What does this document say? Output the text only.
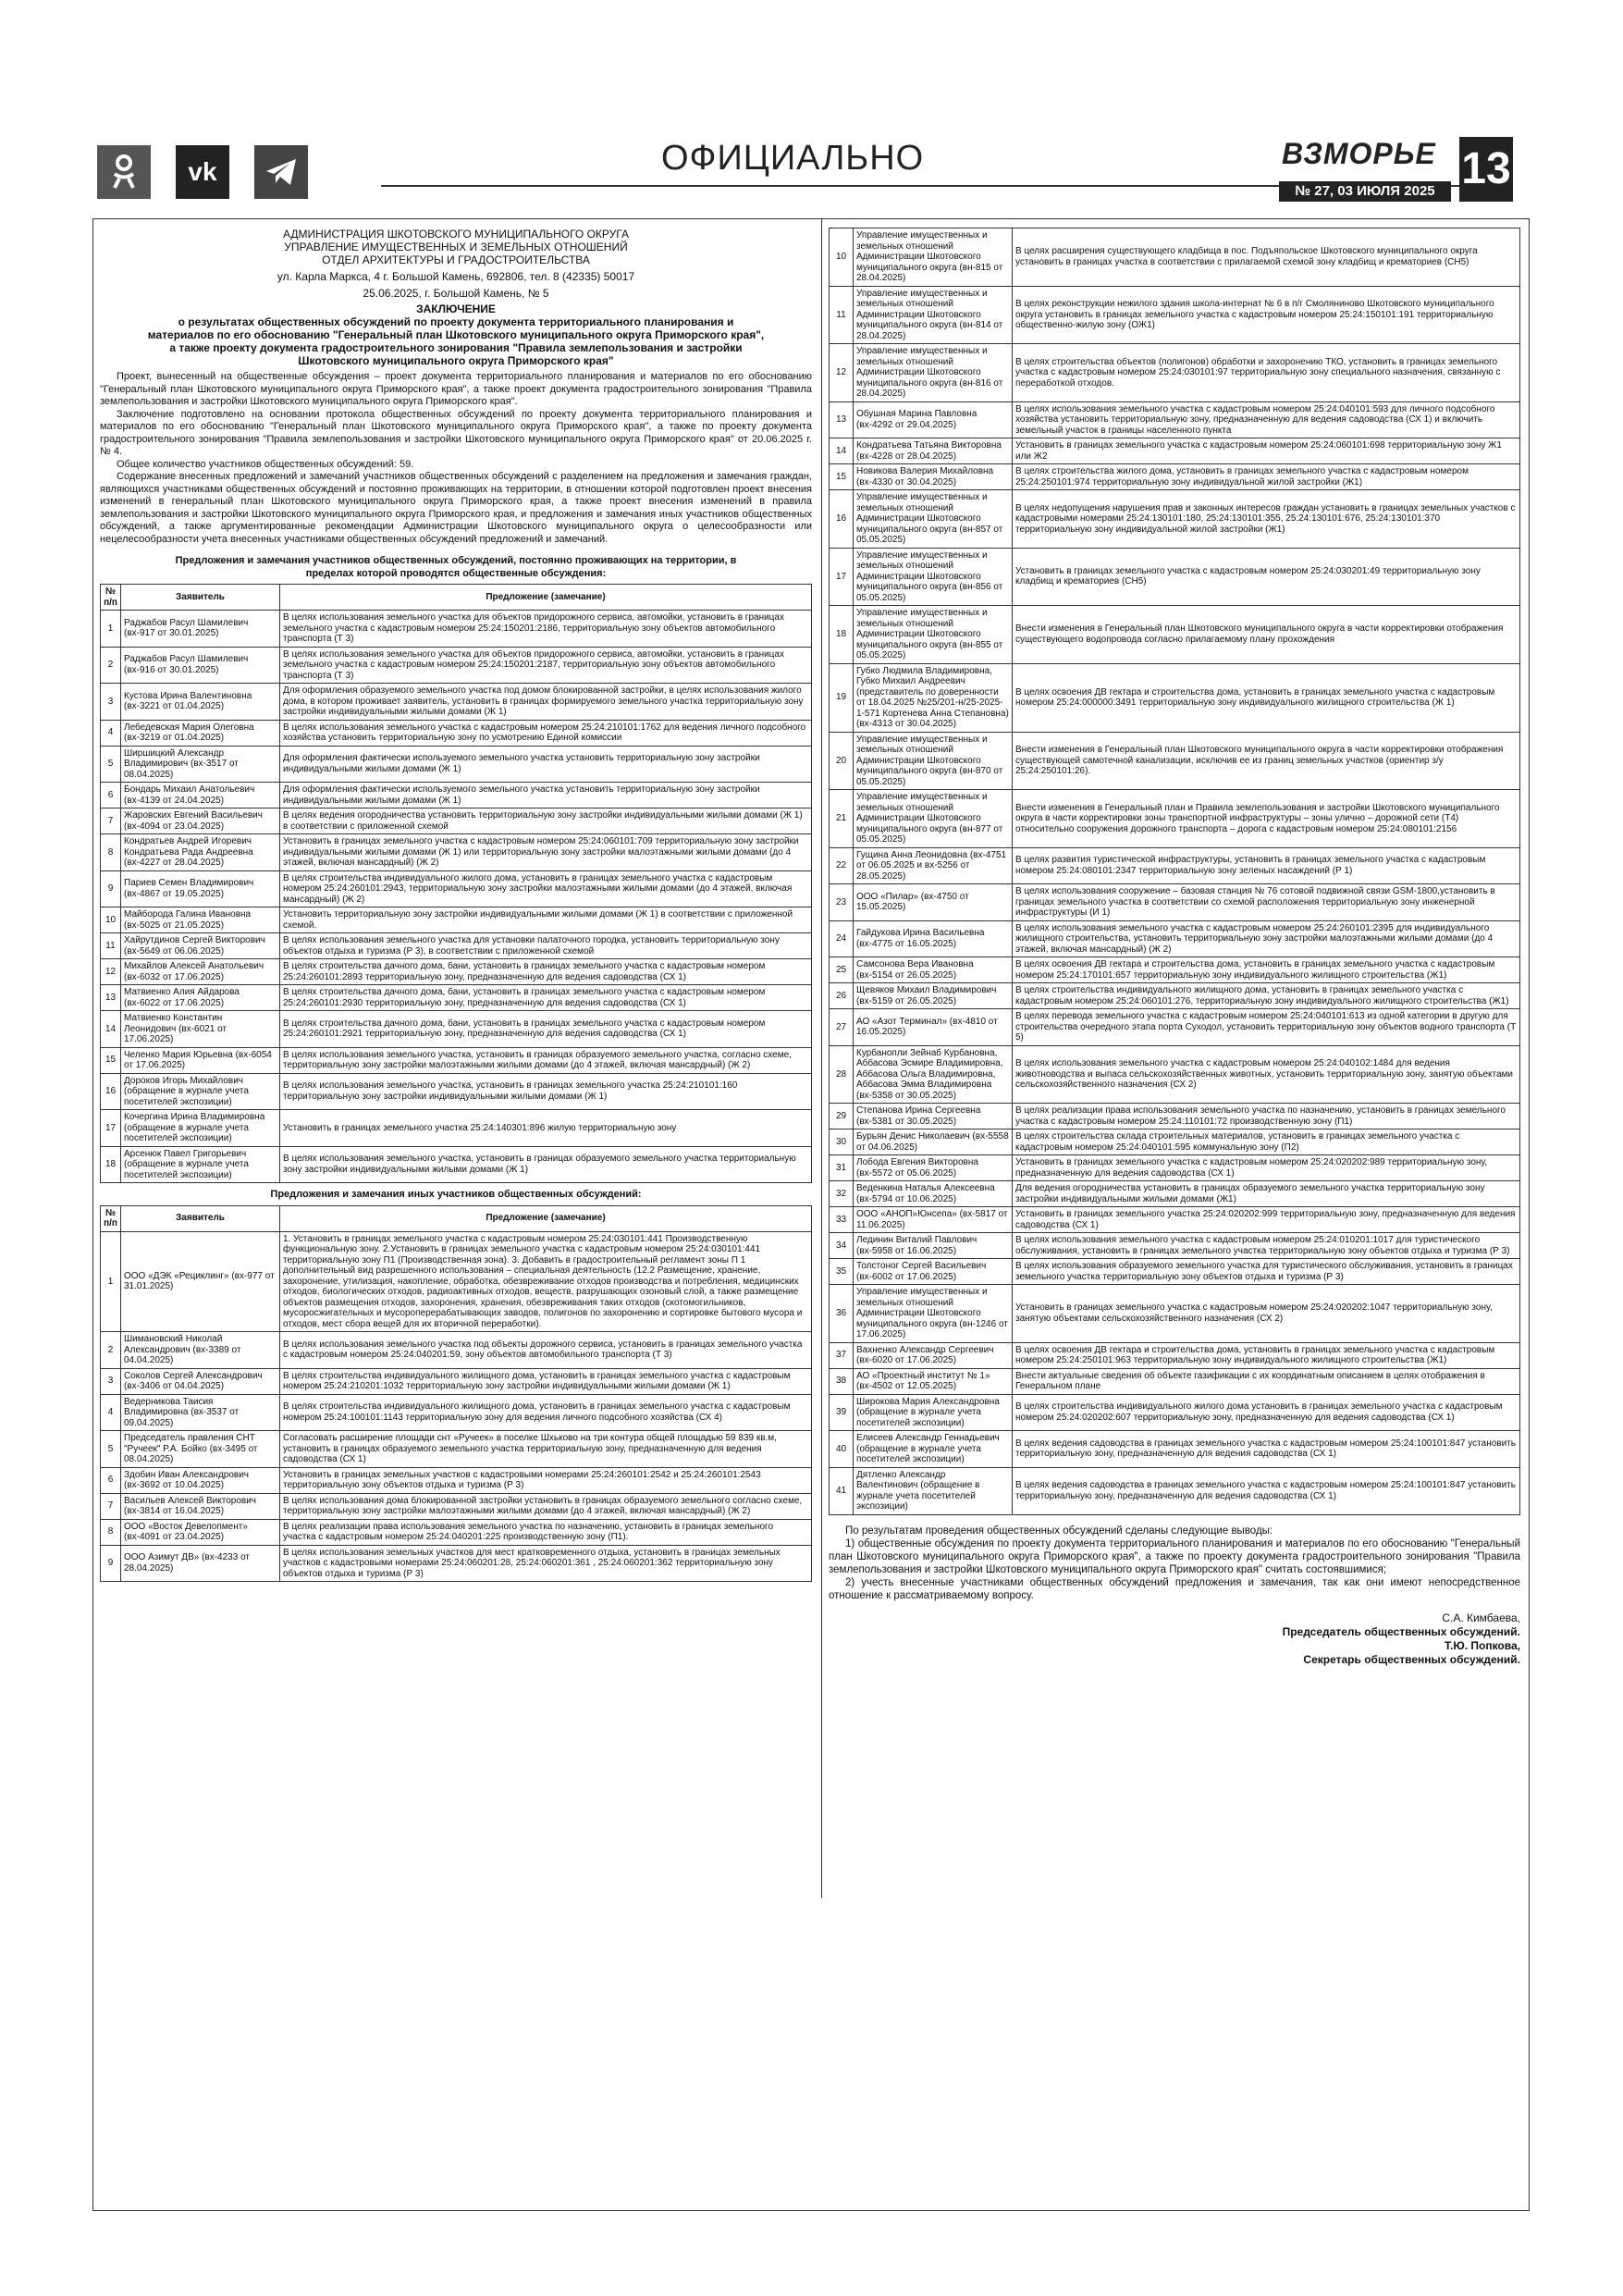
vk	ОФИЦИАЛЬНО	ВЗМОРЬЕ
№ 27, 03 ИЮЛЯ 2025 13
АДМИНИСТРАЦИЯ ШКОТОВСКОГО МУНИЦИПАЛЬНОГО ОКРУГА
УПРАВЛЕНИЕ ИМУЩЕСТВЕННЫХ И ЗЕМЕЛЬНЫХ ОТНОШЕНИЙ
ОТДЕЛ АРХИТЕКТУРЫ И ГРАДОСТРОИТЕЛЬСТВА
ул. Карла Маркса, 4 г. Большой Камень, 692806, тел. 8 (42335) 50017
25.06.2025, г. Большой Камень, № 5
ЗАКЛЮЧЕНИЕ
о результатах общественных обсуждений по проекту документа территориального планирования и материалов по его обоснованию "Генеральный план Шкотовского муниципального округа Приморского края", а также проекту документа градостроительного зонирования "Правила землепользования и застройки Шкотовского муниципального округа Приморского края"

Проект, вынесенный на общественные обсуждения – проект документа территориального планирования и материалов по его обоснованию "Генеральный план Шкотовского муниципального округа Приморского края", а также проект документа градостроительного зонирования "Правила землепользования и застройки Шкотовского муниципального округа Приморского края".

Заключение подготовлено на основании протокола общественных обсуждений по проекту документа территориального планирования и материалов по его обоснованию "Генеральный план Шкотовского муниципального округа Приморского края", а также по проекту документа градостроительного зонирования "Правила землепользования и застройки Шкотовского муниципального округа Приморского края" от 20.06.2025 г. № 4.

Общее количество участников общественных обсуждений: 59.

Содержание внесенных предложений и замечаний участников общественных обсуждений с разделением на предложения и замечания граждан, являющихся участниками общественных обсуждений и постоянно проживающих на территории, в отношении которой подготовлен проект внесения изменений в генеральный план Шкотовского муниципального округа Приморского края, а также проект внесения изменений в правила землепользования и застройки Шкотовского муниципального округа Приморского края, и предложения и замечания иных участников общественных обсуждений, а также аргументированные рекомендации Администрации Шкотовского муниципального округа о целесообразности или нецелесообразности учета внесенных участниками общественных обсуждений предложений и замечаний.

Предложения и замечания участников общественных обсуждений, постоянно проживающих на территории, в пределах которой проводятся общественные обсуждения:
№ п/п	Заявитель	Предложение (замечание)
1	Раджабов Расул Шамилевич (вх-917 от 30.01.2025)	В целях использования земельного участка для объектов придорожного сервиса, автомойки, установить в границах земельного участка с кадастровым номером 25:24:150201:2186, территориальную зону объектов автомобильного транспорта (Т 3)
2	Раджабов Расул Шамилевич (вх-916 от 30.01.2025)	В целях использования земельного участка для объектов придорожного сервиса, автомойки, установить в границах земельного участка с кадастровым номером 25:24:150201:2187, территориальную зону объектов автомобильного транспорта (Т 3)
3	Кустова Ирина Валентиновна (вх-3221 от 01.04.2025)	Для оформления образуемого земельного участка под домом блокированной застройки, в целях использования жилого дома, в котором проживает заявитель, установить в границах формируемого земельного участка территориальную зону застройки индивидуальными жилыми домами (Ж 1)
4	Лебедевская Мария Олеговна (вх-3219 от 01.04.2025)	В целях использования земельного участка с кадастровым номером 25:24:210101:1762 для ведения личного подсобного хозяйства установить территориальную зону по усмотрению Единой комиссии
5	Ширшицкий Александр Владимирович (вх-3517 от 08.04.2025)	Для оформления фактически используемого земельного участка установить территориальную зону застройки индивидуальными жилыми домами (Ж 1)
6	Бондарь Михаил Анатольевич (вх-4139 от 24.04.2025)	Для оформления фактически используемого земельного участка установить территориальную зону застройки индивидуальными жилыми домами (Ж 1)
7	Жаровских Евгений Васильевич (вх-4094 от 23.04.2025)	В целях ведения огородничества установить территориальную зону застройки индивидуальными жилыми домами (Ж 1) в соответствии с приложенной схемой
8	Кондратьев Андрей Игоревич Кондратьева Рада Андреевна (вх-4227 от 28.04.2025)	Установить в границах земельного участка с кадастровым номером 25:24:060101:709 территориальную зону застройки индивидуальными жилыми домами (Ж 1) или территориальную зону застройки малоэтажными жилыми домами (до 4 этажей, включая мансардный) (Ж 2)
9	Париев Семен Владимирович (вх-4867 от 19.05.2025)	В целях строительства индивидуального жилого дома, установить в границах земельного участка с кадастровым номером 25:24:260101:2943, территориальную зону застройки малоэтажными жилыми домами (до 4 этажей, включая мансардный) (Ж 2)
10	Майборода Галина Ивановна (вх-5025 от 21.05.2025)	Установить территориальную зону застройки индивидуальными жилыми домами (Ж 1) в соответствии с приложенной схемой.
11	Хайрутдинов Сергей Викторович (вх-5649 от 06.06.2025)	В целях использования земельного участка для установки палаточного городка, установить территориальную зону объектов отдыха и туризма (Р 3), в соответствии с приложенной схемой
12	Михайлов Алексей Анатольевич (вх-6032 от 17.06.2025)	В целях строительства дачного дома, бани, установить в границах земельного участка с кадастровым номером 25:24:260101:2893 территориальную зону, предназначенную для ведения садоводства (СХ 1)
13	Матвиенко Алия Айдарова (вх-6022 от 17.06.2025)	В целях строительства дачного дома, бани, установить в границах земельного участка с кадастровым номером 25:24:260101:2930 территориальную зону, предназначенную для ведения садоводства (СХ 1)
14	Матвиенко Константин Леонидович (вх-6021 от 17.06.2025)	В целях строительства дачного дома, бани, установить в границах земельного участка с кадастровым номером 25:24:260101:2921 территориальную зону, предназначенную для ведения садоводства (СХ 1)
15	Челенко Мария Юрьевна (вх-6054 от 17.06.2025)	В целях использования земельного участка, установить в границах образуемого земельного участка, согласно схеме, территориальную зону застройки малоэтажными жилыми домами (до 4 этажей, включая мансардный) (Ж 2)
16	Дороков Игорь Михайлович (обращение в журнале учета посетителей экспозиции)	В целях использования земельного участка, установить в границах земельного участка 25:24:210101:160 территориальную зону застройки индивидуальными жилыми домами (Ж 1)
17	Кочергина Ирина Владимировна (обращение в журнале учета посетителей экспозиции)	Установить в границах земельного участка 25:24:140301:896 жилую территориальную зону
18	Арсенюк Павел Григорьевич (обращение в журнале учета посетителей экспозиции)	В целях использования земельного участка, установить в границах образуемого земельного участка территориальную зону застройки индивидуальными жилыми домами (Ж 1)
Предложения и замечания иных участников общественных обсуждений:
№ п/п	Заявитель	Предложение (замечание)
1	ООО «ДЭК «Рециклинг» (вх-977 от 31.01.2025)	1. Установить в границах земельного участка с кадастровым номером 25:24:030101:441 Производственную функциональную зону. 2.Установить в границах земельного участка с кадастровым номером 25:24:030101:441 территориальную зону П1 (Производственная зона). 3. Добавить в градостроительный регламент зоны П 1 дополнительный вид разрешенного использования – специальная деятельность (12.2 Размещение, хранение, захоронение, утилизация, накопление, обработка, обезвреживание отходов производства и потребления, медицинских отходов, биологических отходов, радиоактивных отходов, веществ, разрушающих озоновый слой, а также размещение объектов размещения отходов, захоронения, хранения, обезвреживания таких отходов (скотомогильников, мусоросжигательных и мусороперерабатывающих заводов, полигонов по захоронению и сортировке бытового мусора и отходов, мест сбора вещей для их вторичной переработки).
2	Шимановский Николай Александрович (вх-3389 от 04.04.2025)	В целях использования земельного участка под объекты дорожного сервиса, установить в границах земельного участка с кадастровым номером 25:24:040201:59, зону объектов автомобильного транспорта (Т 3)
3	Соколов Сергей Александрович (вх-3406 от 04.04.2025)	В целях строительства индивидуального жилищного дома, установить в границах земельного участка с кадастровым номером 25:24:210201:1032 территориальную зону застройки индивидуальными жилыми домами (Ж 1)
4	Ведерникова Таисия Владимировна (вх-3537 от 09.04.2025)	В целях строительства индивидуального жилищного дома, установить в границах земельного участка с кадастровым номером 25:24:100101:1143 территориальную зону для ведения личного подсобного хозяйства (СХ 4)
5	Председатель правления СНТ "Ручеек" Р.А. Бойко (вх-3495 от 08.04.2025)	Согласовать расширение площади снт «Ручеек» в поселке Шхьково на три контура общей площадью 59 839 кв.м, установить в границах образуемого земельного участка территориальную зону, предназначенную для ведения садоводства (СХ 1)
6	Здобин Иван Александрович (вх-3692 от 10.04.2025)	Установить в границах земельных участков с кадастровыми номерами 25:24:260101:2542 и 25:24:260101:2543 территориальную зону объектов отдыха и туризма (Р 3)
7	Васильев Алексей Викторович (вх-3814 от 16.04.2025)	В целях использования дома блокированной застройки установить в границах образуемого земельного согласно схеме, территориальную зону застройки малоэтажными жилыми домами (до 4 этажей, включая мансардный) (Ж 2)
8	ООО «Восток Девелопмент» (вх-4091 от 23.04.2025)	В целях реализации права использования земельного участка по назначению, установить в границах земельного участка с кадастровым номером 25:24:040201:225 производственную зону (П1).
9	ООО Азимут ДВ» (вх-4233 от 28.04.2025)	В целях использования земельных участков для мест кратковременного отдыха, установить в границах земельных участков с кадастровыми номерами 25:24:060201:28, 25:24:060201:361 , 25:24:060201:362 территориальную зону объектов отдыха и туризма (Р 3)
10	Управление имущественных и земельных отношений Администрации Шкотовского муниципального округа (вн-815 от 28.04.2025)	В целях расширения существующего кладбища в пос. Подъяпольское Шкотовского муниципального округа установить в границах участка в соответствии с прилагаемой схемой зону кладбищ и крематориев (СН5)
11	Управление имущественных и земельных отношений Администрации Шкотовского муниципального округа (вн-814 от 28.04.2025)	В целях реконструкции нежилого здания школа-интернат № 6 в п/г Смоляниново Шкотовского муниципального округа установить в границах земельного участка с кадастровым номером 25:24:150101:191 территориальную общественно-жилую зону (ОЖ1)
12	Управление имущественных и земельных отношений Администрации Шкотовского муниципального округа (вн-816 от 28.04.2025)	В целях строительства объектов (полигонов) обработки и захоронению ТКО, установить в границах земельного участка с кадастровым номером 25:24:030101:97 территориальную зону специального назначения, связанную с переработкой отходов.
13	Обушная Марина Павловна (вх-4292 от 29.04.2025)	В целях использования земельного участка с кадастровым номером 25:24:040101:593 для личного подсобного хозяйства установить территориальную зону, предназначенную для ведения садоводства (СХ 1) и включить земельный участок в границы населенного пункта
14	Кондратьева Татьяна Викторовна (вх-4228 от 28.04.2025)	Установить в границах земельного участка с кадастровым номером 25:24:060101:698 территориальную зону Ж1 или Ж2
15	Новикова Валерия Михайловна (вх-4330 от 30.04.2025)	В целях строительства жилого дома, установить в границах земельного участка с кадастровым номером 25:24:250101:974 территориальную зону индивидуальной жилой застройки (Ж1)
16	Управление имущественных и земельных отношений Администрации Шкотовского муниципального округа (вн-857 от 05.05.2025)	В целях недопущения нарушения прав и законных интересов граждан установить в границах земельных участков с кадастровыми номерами 25:24:130101:180, 25:24:130101:355, 25:24:130101:676, 25:24:130101:370 территориальную зону индивидуальной жилой застройки (Ж1)
17	Управление имущественных и земельных отношений Администрации Шкотовского муниципального округа (вн-856 от 05.05.2025)	Установить в границах земельного участка с кадастровым номером 25:24:030201:49 территориальную зону кладбищ и крематориев (СН5)
18	Управление имущественных и земельных отношений Администрации Шкотовского муниципального округа (вн-855 от 05.05.2025)	Внести изменения в Генеральный план Шкотовского муниципального округа в части корректировки отображения существующего водопровода согласно прилагаемому плану прохождения
19	Губко Людмила Владимировна, Губко Михаил Андреевич (представитель по доверенности от 18.04.2025 №25/201-н/25-2025-1-571 Кортенева Анна Степановна) (вх-4313 от 30.04.2025)	В целях освоения ДВ гектара и строительства дома, установить в границах земельного участка с кадастровым номером 25:24:000000:3491 территориальную зону индивидуального жилищного строительства (Ж 1)
20	Управление имущественных и земельных отношений Администрации Шкотовского муниципального округа (вн-870 от 05.05.2025)	Внести изменения в Генеральный план Шкотовского муниципального округа в части корректировки отображения существующей самотечной канализации, исключив ее из границ земельных участков (ориентир з/у 25:24:250101:26).
21	Управление имущественных и земельных отношений Администрации Шкотовского муниципального округа (вн-877 от 05.05.2025)	Внести изменения в Генеральный план и Правила землепользования и застройки Шкотовского муниципального округа в части корректировки зоны транспортной инфраструктуры – зоны улично – дорожной сети (Т4) относительно сооружения дорожного транспорта – дорога с кадастровым номером 25:24:080101:2156
22	Гущина Анна Леонидовна (вх-4751 от 06.05.2025 и вх-5256 от 28.05.2025)	В целях развития туристической инфраструктуры, установить в границах земельного участка с кадастровым номером 25:24:080101:2347 территориальную зону зеленых насаждений (Р 1)
23	ООО «Пилар» (вх-4750 от 15.05.2025)	В целях использования сооружение – базовая станция № 76 сотовой подвижной связи GSM-1800,установить в границах земельного участка в соответствии со схемой расположения территориальную зону инженерной инфраструктуры (И 1)
24	Гайдукова Ирина Васильевна (вх-4775 от 16.05.2025)	В целях использования земельного участка с кадастровым номером 25:24:260101:2395 для индивидуального жилищного строительства, установить территориальную зону застройки малоэтажными жилыми домами (до 4 этажей, включая мансардный) (Ж 2)
25	Самсонова Вера Ивановна (вх-5154 от 26.05.2025)	В целях освоения ДВ гектара и строительства дома, установить в границах земельного участка с кадастровым номером 25:24:170101:657 территориальную зону индивидуального жилищного строительства (Ж1)
26	Щевяков Михаил Владимирович (вх-5159 от 26.05.2025)	В целях строительства индивидуального жилищного дома, установить в границах земельного участка с кадастровым номером 25:24:060101:276, территориальную зону индивидуального жилищного строительства (Ж1)
27	АО «Азот Терминал» (вх-4810 от 16.05.2025)	В целях перевода земельного участка с кадастровым номером 25:24:040101:613 из одной категории в другую для строительства очередного этапа порта Суходол, установить территориальную зону объектов водного транспорта (Т 5)
28	Курбанопли Зейнаб Курбановна, Аббасова Эсмире Владимировна, Аббасова Ольга Владимировна, Аббасова Эмма Владимировна (вх-5358 от 30.05.2025)	В целях использования земельного участка с кадастровым номером 25:24:040102:1484 для ведения животноводства и выпаса сельскохозяйственных животных, установить территориальную зону, занятую объектами сельскохозяйственного назначения (СХ 2)
29	Степанова Ирина Сергеевна (вх-5381 от 30.05.2025)	В целях реализации права использования земельного участка по назначению, установить в границах земельного участка с кадастровым номером 25:24:110101:72 производственную зону (П1)
30	Бурьян Денис Николаевич (вх-5558 от 04.06.2025)	В целях строительства склада строительных материалов, установить в границах земельного участка с кадастровым номером 25:24:040101:595 коммунальную зону (П2)
31	Лобода Евгения Викторовна (вх-5572 от 05.06.2025)	Установить в границах земельного участка с кадастровым номером 25:24:020202:989 территориальную зону, предназначенную для ведения садоводства (СХ 1)
32	Веденкина Наталья Алексеевна (вх-5794 от 10.06.2025)	Для ведения огородничества установить в границах образуемого земельного участка территориальную зону застройки индивидуальными жилыми домами (Ж1)
33	ООО «АНОП»Юнсепа» (вх-5817 от 11.06.2025)	Установить в границах земельного участка 25:24:020202:999 территориальную зону, предназначенную для ведения садоводства (СХ 1)
34	Лединин Виталий Павлович (вх-5958 от 16.06.2025)	В целях использования земельного участка с кадастровым номером 25:24:010201:1017 для туристического обслуживания, установить в границах земельного участка территориальную зону объектов отдыха и туризма (Р 3)
35	Толстоног Сергей Васильевич (вх-6002 от 17.06.2025)	В целях использования образуемого земельного участка для туристического обслуживания, установить в границах земельного участка территориальную зону объектов отдыха и туризма (Р 3)
36	Управление имущественных и земельных отношений Администрации Шкотовского муниципального округа (вн-1246 от 17.06.2025)	Установить в границах земельного участка с кадастровым номером 25:24:020202:1047 территориальную зону, занятую объектами сельскохозяйственного назначения (СХ 2)
37	Вахненко Александр Сергеевич (вх-6020 от 17.06.2025)	В целях освоения ДВ гектара и строительства дома, установить в границах земельного участка с кадастровым номером 25:24:250101:963 территориальную зону индивидуального жилищного строительства (Ж1)
38	АО «Проектный институт № 1» (вх-4502 от 12.05.2025)	Внести актуальные сведения об объекте газификации с их координатным описанием в целях отображения в Генеральном плане
39	Широкова Мария Александровна (обращение в журнале учета посетителей экспозиции)	В целях строительства индивидуального жилого дома установить в границах земельного участка с кадастровым номером 25:24:020202:607 территориальную зону, предназначенную для ведения садоводства (СХ 1)
40	Елисеев Александр Геннадьевич (обращение в журнале учета посетителей экспозиции)	В целях ведения садоводства в границах земельного участка с кадастровым номером 25:24:100101:847 установить территориальную зону, предназначенную для ведения садоводства (СХ 1)
41	Дятленко Александр Валентинович (обращение в журнале учета посетителей экспозиции)	В целях ведения садоводства в границах земельного участка с кадастровым номером 25:24:100101:847 установить территориальную зону, предназначенную для ведения садоводства (СХ 1)

По результатам проведения общественных обсуждений сделаны следующие выводы:

1) общественные обсуждения по проекту документа территориального планирования и материалов по его обоснованию "Генеральный план Шкотовского муниципального округа Приморского края", а также по проекту документа градостроительного зонирования "Правила землепользования и застройки Шкотовского муниципального округа Приморского края" считать состоявшимися;

2) учесть внесенные участниками общественных обсуждений предложения и замечания, так как они имеют непосредственное отношение к рассматриваемому вопросу.

С.А. Кимбаева,
Председатель общественных обсуждений.
Т.Ю. Попкова,
Секретарь общественных обсуждений.
